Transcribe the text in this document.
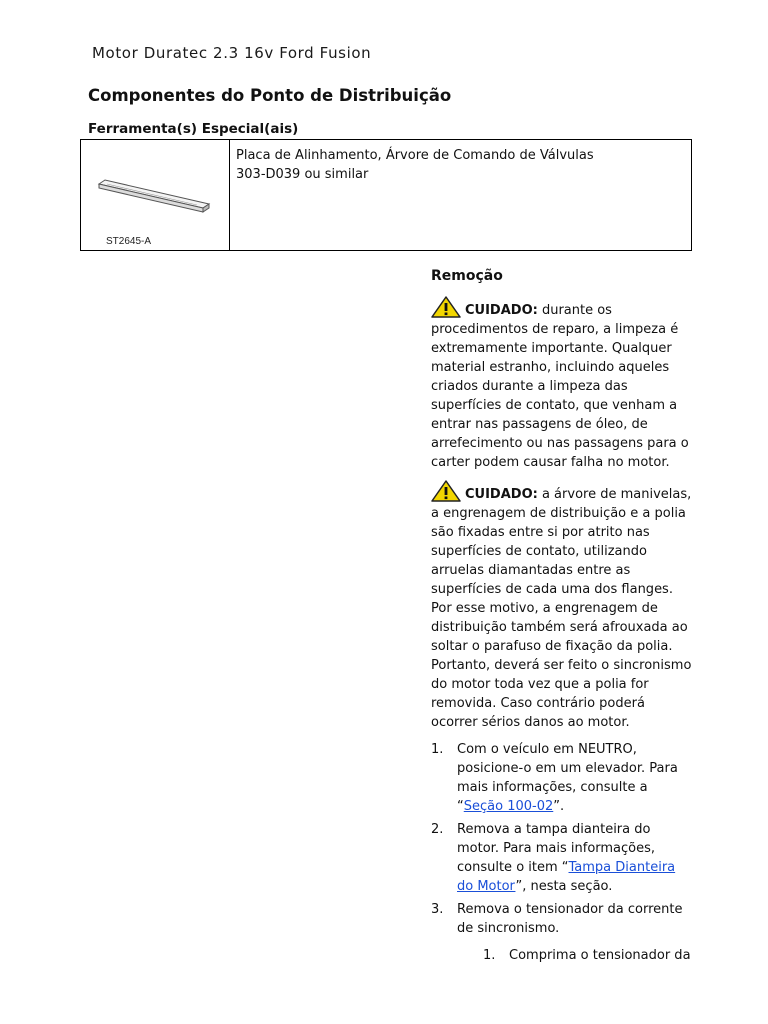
Motor Duratec 2.3 16v Ford Fusion
Componentes do Ponto de Distribuição
Ferramenta(s) Especial(ais)
ST2645-A
Placa de Alinhamento, Árvore de Comando de Válvulas
303-D039 ou similar
Remoção

CUIDADO: durante os procedimentos de reparo, a limpeza é extremamente importante. Qualquer material estranho, incluindo aqueles criados durante a limpeza das superfícies de contato, que venham a entrar nas passagens de óleo, de arrefecimento ou nas passagens para o carter podem causar falha no motor.

CUIDADO: a árvore de manivelas, a engrenagem de distribuição e a polia são fixadas entre si por atrito nas superfícies de contato, utilizando arruelas diamantadas entre as superfícies de cada uma dos flanges. Por esse motivo, a engrenagem de distribuição também será afrouxada ao soltar o parafuso de fixação da polia. Portanto, deverá ser feito o sincronismo do motor toda vez que a polia for removida. Caso contrário poderá ocorrer sérios danos ao motor.

1. Com o veículo em NEUTRO, posicione-o em um elevador. Para mais informações, consulte a “Seção 100-02”.
2. Remova a tampa dianteira do motor. Para mais informações, consulte o item “Tampa Dianteira do Motor”, nesta seção.
3. Remova o tensionador da corrente de sincronismo.
1. Comprima o tensionador da
